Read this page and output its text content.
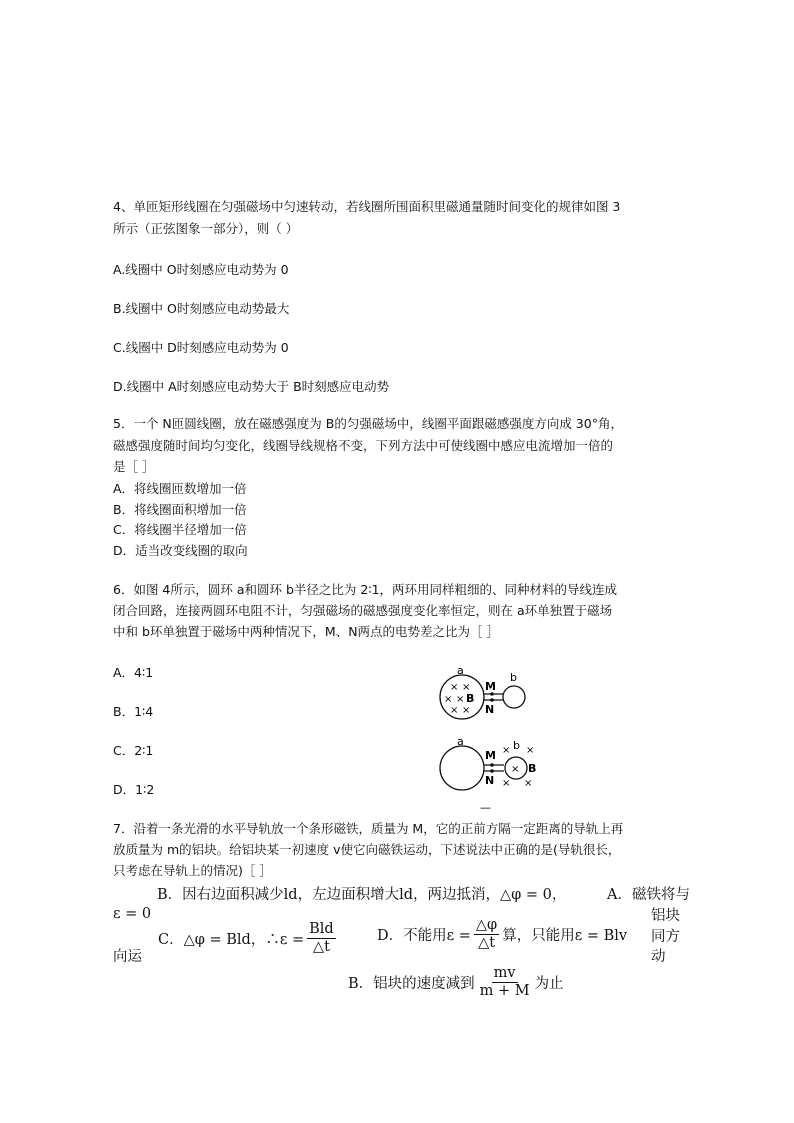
4、单匝矩形线圈在匀强磁场中匀速转动，若线圈所围面积里磁通量随时间变化的规律如图 3
所示（正弦图象一部分），则（ ）
A.线圈中 O时刻感应电动势为 0
B.线圈中 O时刻感应电动势最大
C.线圈中 D时刻感应电动势为 0
D.线圈中 A时刻感应电动势大于 B时刻感应电动势
5．一个 N匝圆线圈，放在磁感强度为 B的匀强磁场中，线圈平面跟磁感强度方向成 30°角，
磁感强度随时间均匀变化，线圈导线规格不变，下列方法中可使线圈中感应电流增加一倍的
是［ ］
A．将线圈匝数增加一倍
B．将线圈面积增加一倍
C．将线圈半径增加一倍
D．适当改变线圈的取向
6．如图 4所示，圆环 a和圆环 b半径之比为 2∶1，两环用同样粗细的、同种材料的导线连成
闭合回路，连接两圆环电阻不计，匀强磁场的磁感强度变化率恒定，则在 a环单独置于磁场
中和 b环单独置于磁场中两种情况下，M、N两点的电势差之比为［ ］
A．4∶1
B．1∶4
C．2∶1
D．1∶2
a
× ×
× ×
× ×
B
M
N
b
a
M
N
b
× ×
× B
× ×
—
7．沿着一条光滑的水平导轨放一个条形磁铁，质量为 M，它的正前方隔一定距离的导轨上再
放质量为 m的铝块。给铝块某一初速度 v使它向磁铁运动，下述说法中正确的是(导轨很长，
只考虑在导轨上的情况)［ ］
B．因右边面积减少ld，左边面积增大ld，两边抵消，△φ = 0，	A．磁铁将与
ε = 0	铝块
向运
C．△φ = Bld，∴ε = $\frac{\text{Bld}}{\triangle t}$	D．不能用$\varepsilon = \frac{\triangle\varphi}{\triangle t}$ 算，只能用ε = Blv 同方
动
B．铝块的速度减到 $\frac{mv}{m + M}$ 为止
